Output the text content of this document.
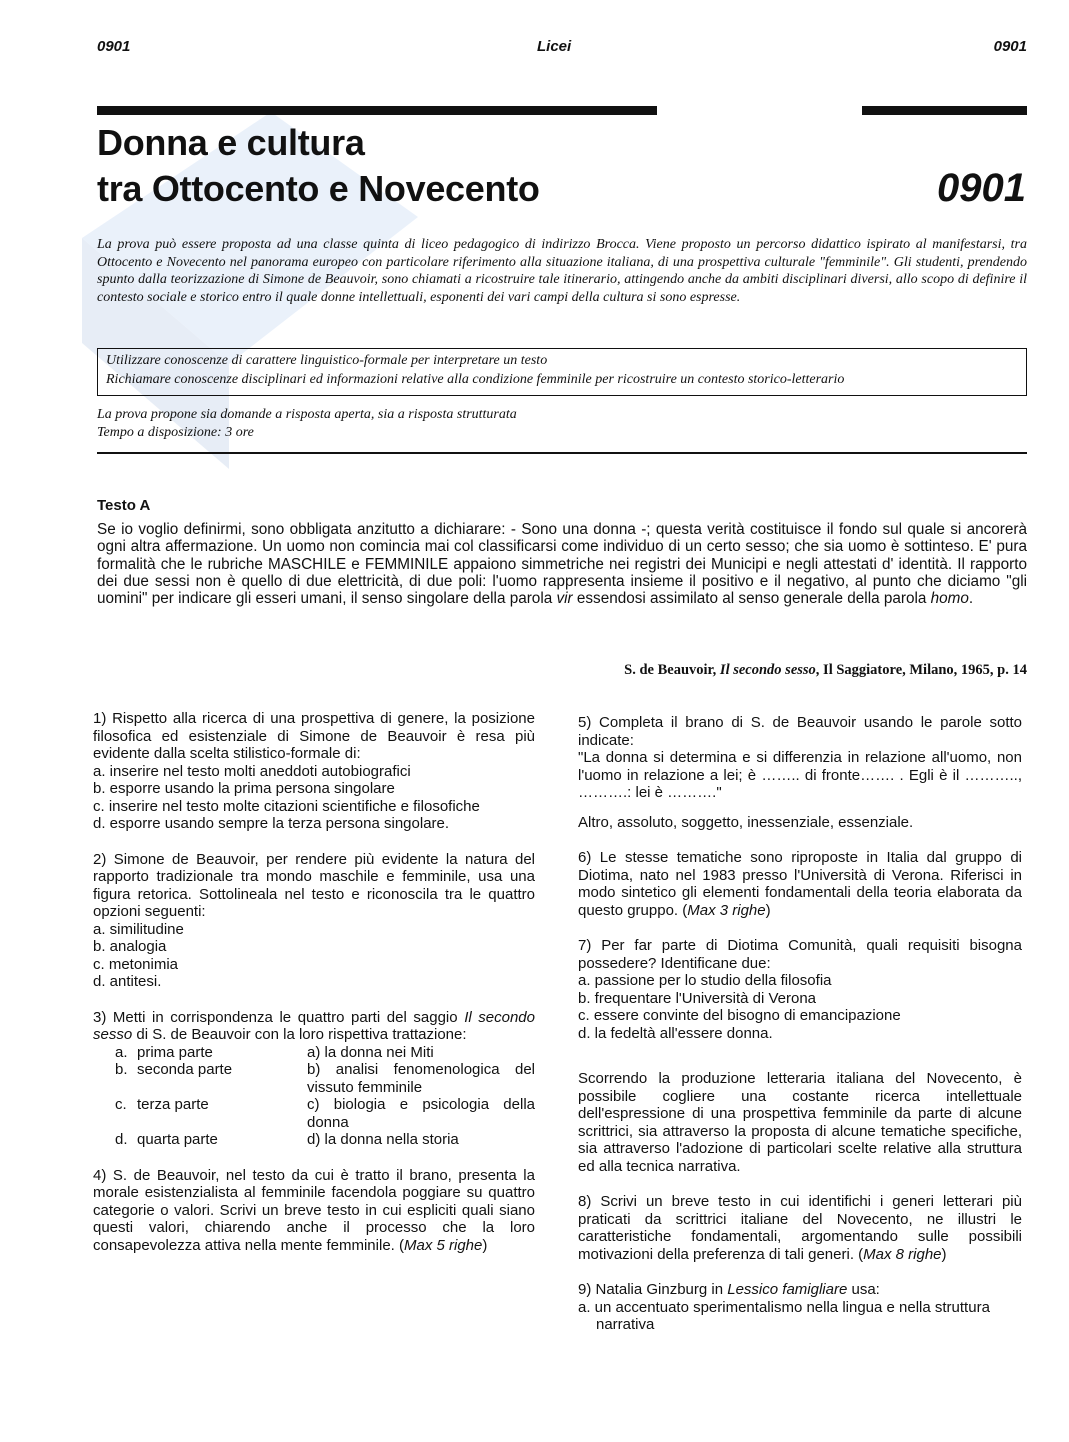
0901	Licei	0901
Donna e cultura
tra Ottocento e Novecento	0901
La prova può essere proposta ad una classe quinta di liceo pedagogico di indirizzo Brocca. Viene proposto un percorso didattico ispirato al manifestarsi, tra Ottocento e Novecento nel panorama europeo con particolare riferimento alla situazione italiana, di una prospettiva culturale "femminile". Gli studenti, prendendo spunto dalla teorizzazione di Simone de Beauvoir, sono chiamati a ricostruire tale itinerario, attingendo anche da ambiti disciplinari diversi, allo scopo di definire il contesto sociale e storico entro il quale donne intellettuali, esponenti dei vari campi della cultura si sono espresse.

Utilizzare conoscenze di carattere linguistico-formale per interpretare un testo

Richiamare conoscenze disciplinari ed informazioni relative alla condizione femminile per ricostruire un contesto storico-letterario

La prova propone sia domande a risposta aperta, sia a risposta strutturata

Tempo a disposizione: 3 ore

Testo A
Se io voglio definirmi, sono obbligata anzitutto a dichiarare: - Sono una donna -; questa verità costituisce il fondo sul quale si ancorerà ogni altra affermazione. Un uomo non comincia mai col classificarsi come individuo di un certo sesso; che sia uomo è sottinteso. E' pura formalità che le rubriche MASCHILE e FEMMINILE appaiono simmetriche nei registri dei Municipi e negli attestati d' identità. Il rapporto dei due sessi non è quello di due elettricità, di due poli: l'uomo rappresenta insieme il positivo e il negativo, al punto che diciamo "gli uomini" per indicare gli esseri umani, il senso singolare della parola vir essendosi assimilato al senso generale della parola homo.
S. de Beauvoir, Il secondo sesso, Il Saggiatore, Milano, 1965, p. 14

1) Rispetto alla ricerca di una prospettiva di genere, la posizione filosofica ed esistenziale di Simone de Beauvoir è resa più evidente dalla scelta stilistico-formale di:

a. inserire nel testo molti aneddoti autobiografici
b. esporre usando la prima persona singolare
c. inserire nel testo molte citazioni scientifiche e filosofiche
d. esporre usando sempre la terza persona singolare.

2) Simone de Beauvoir, per rendere più evidente la natura del rapporto tradizionale tra mondo maschile e femminile, usa una figura retorica. Sottolineala nel testo e riconoscila tra le quattro opzioni seguenti:

a. similitudine
b. analogia
c. metonimia
d. antitesi.

3) Metti in corrispondenza le quattro parti del saggio Il secondo sesso di S. de Beauvoir con la loro rispettiva trattazione:

a.	prima parte	a) la donna nei Miti
b.	seconda parte	b) analisi fenomenologica del vissuto femminile
c.	terza parte	c) biologia e psicologia della donna
d.	quarta parte	d) la donna nella storia

4) S. de Beauvoir, nel testo da cui è tratto il brano, presenta la morale esistenzialista al femminile facendola poggiare su quattro categorie o valori. Scrivi un breve testo in cui espliciti quali siano questi valori, chiarendo anche il processo che la loro consapevolezza attiva nella mente femminile. (Max 5 righe)

5) Completa il brano di S. de Beauvoir usando le parole sotto indicate:

"La donna si determina e si differenzia in relazione all'uomo, non l'uomo in relazione a lei; è …….. di fronte……. . Egli è il ……….., ……….: lei è ………."

Altro, assoluto, soggetto, inessenziale, essenziale.

6) Le stesse tematiche sono riproposte in Italia dal gruppo di Diotima, nato nel 1983 presso l'Università di Verona. Riferisci in modo sintetico gli elementi fondamentali della teoria elaborata da questo gruppo. (Max 3 righe)

7) Per far parte di Diotima Comunità, quali requisiti bisogna possedere? Identificane due:

a. passione per lo studio della filosofia
b. frequentare l'Università di Verona
c. essere convinte del bisogno di emancipazione
d. la fedeltà all'essere donna.

Scorrendo la produzione letteraria italiana del Novecento, è possibile cogliere una costante ricerca intellettuale dell'espressione di una prospettiva femminile da parte di alcune scrittrici, sia attraverso la proposta di alcune tematiche specifiche, sia attraverso l'adozione di particolari scelte relative alla struttura ed alla tecnica narrativa.

8) Scrivi un breve testo in cui identifichi i generi letterari più praticati da scrittrici italiane del Novecento, ne illustri le caratteristiche fondamentali, argomentando sulle possibili motivazioni della preferenza di tali generi. (Max 8 righe)

9) Natalia Ginzburg in Lessico famigliare usa:

a. un accentuato sperimentalismo nella lingua e nella struttura narrativa
